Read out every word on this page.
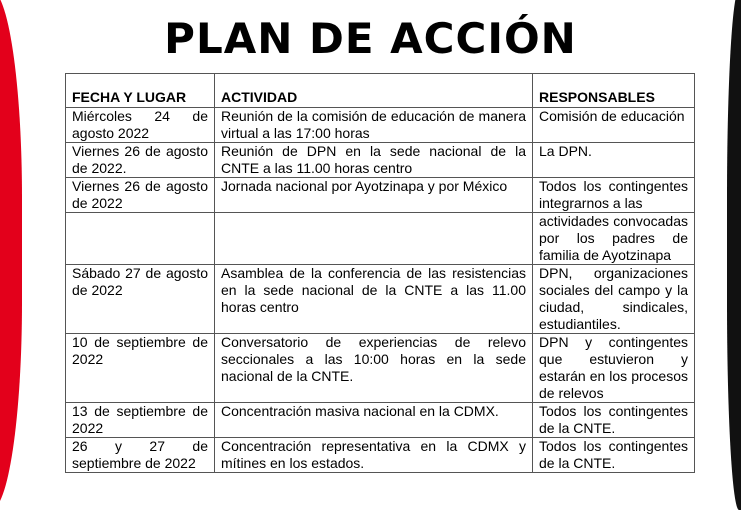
PLAN DE ACCIÓN
FECHA Y LUGAR	ACTIVIDAD	RESPONSABLES
Miércoles 24 de agosto 2022	Reunión de la comisión de educación de manera virtual a las 17:00 horas	Comisión de educación
Viernes 26 de agosto de 2022.	Reunión de DPN en la sede nacional de la CNTE a las 11.00 horas centro	La DPN.
Viernes 26 de agosto de 2022	Jornada nacional por Ayotzinapa y por México	Todos los contingentes integrarnos a las
		actividades convocadas por los padres de familia de Ayotzinapa
Sábado 27 de agosto de 2022	Asamblea de la conferencia de las resistencias en la sede nacional de la CNTE a las 11.00 horas centro	DPN, organizaciones sociales del campo y la ciudad, sindicales, estudiantiles.
10 de septiembre de 2022	Conversatorio de experiencias de relevo seccionales a las 10:00 horas en la sede nacional de la CNTE.	DPN y contingentes que estuvieron y estarán en los procesos de relevos
13 de septiembre de 2022	Concentración masiva nacional en la CDMX.	Todos los contingentes de la CNTE.
26 y 27 de septiembre de 2022	Concentración representativa en la CDMX y mítines en los estados.	Todos los contingentes de la CNTE.
